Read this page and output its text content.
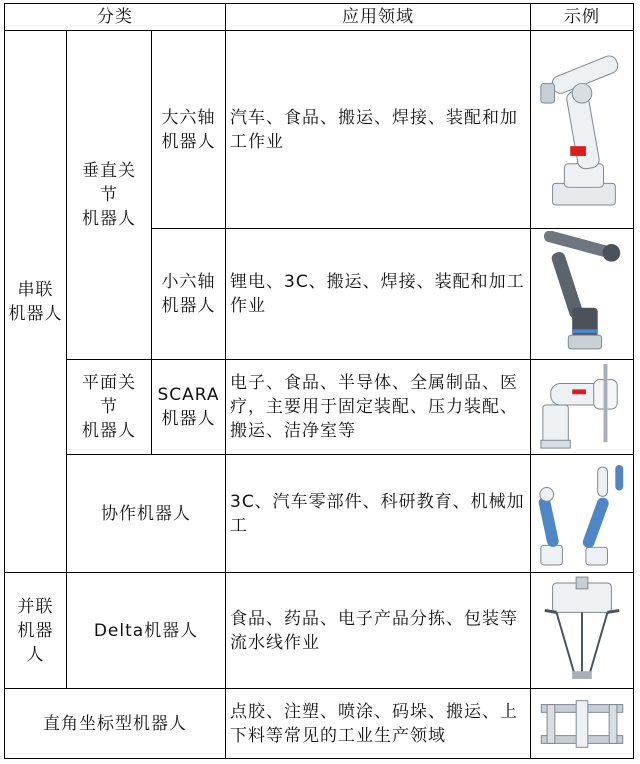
分类	应用领域	示例
串联
机器人
垂直关
节
机器人
平面关
节
机器人
并联
机器
人
大六轴
机器人
汽车、食品、搬运、焊接、装配和加工作业
小六轴
机器人
锂电、3C、搬运、焊接、装配和加工作业
SCARA
机器人
电子、食品、半导体、全属制品、医疗，主要用于固定装配、压力装配、搬运、洁净室等
协作机器人
3C、汽车零部件、科研教育、机械加工
Delta机器人
食品、药品、电子产品分拣、包装等流水线作业
直角坐标型机器人
点胶、注塑、喷涂、码垛、搬运、上下料等常见的工业生产领域
